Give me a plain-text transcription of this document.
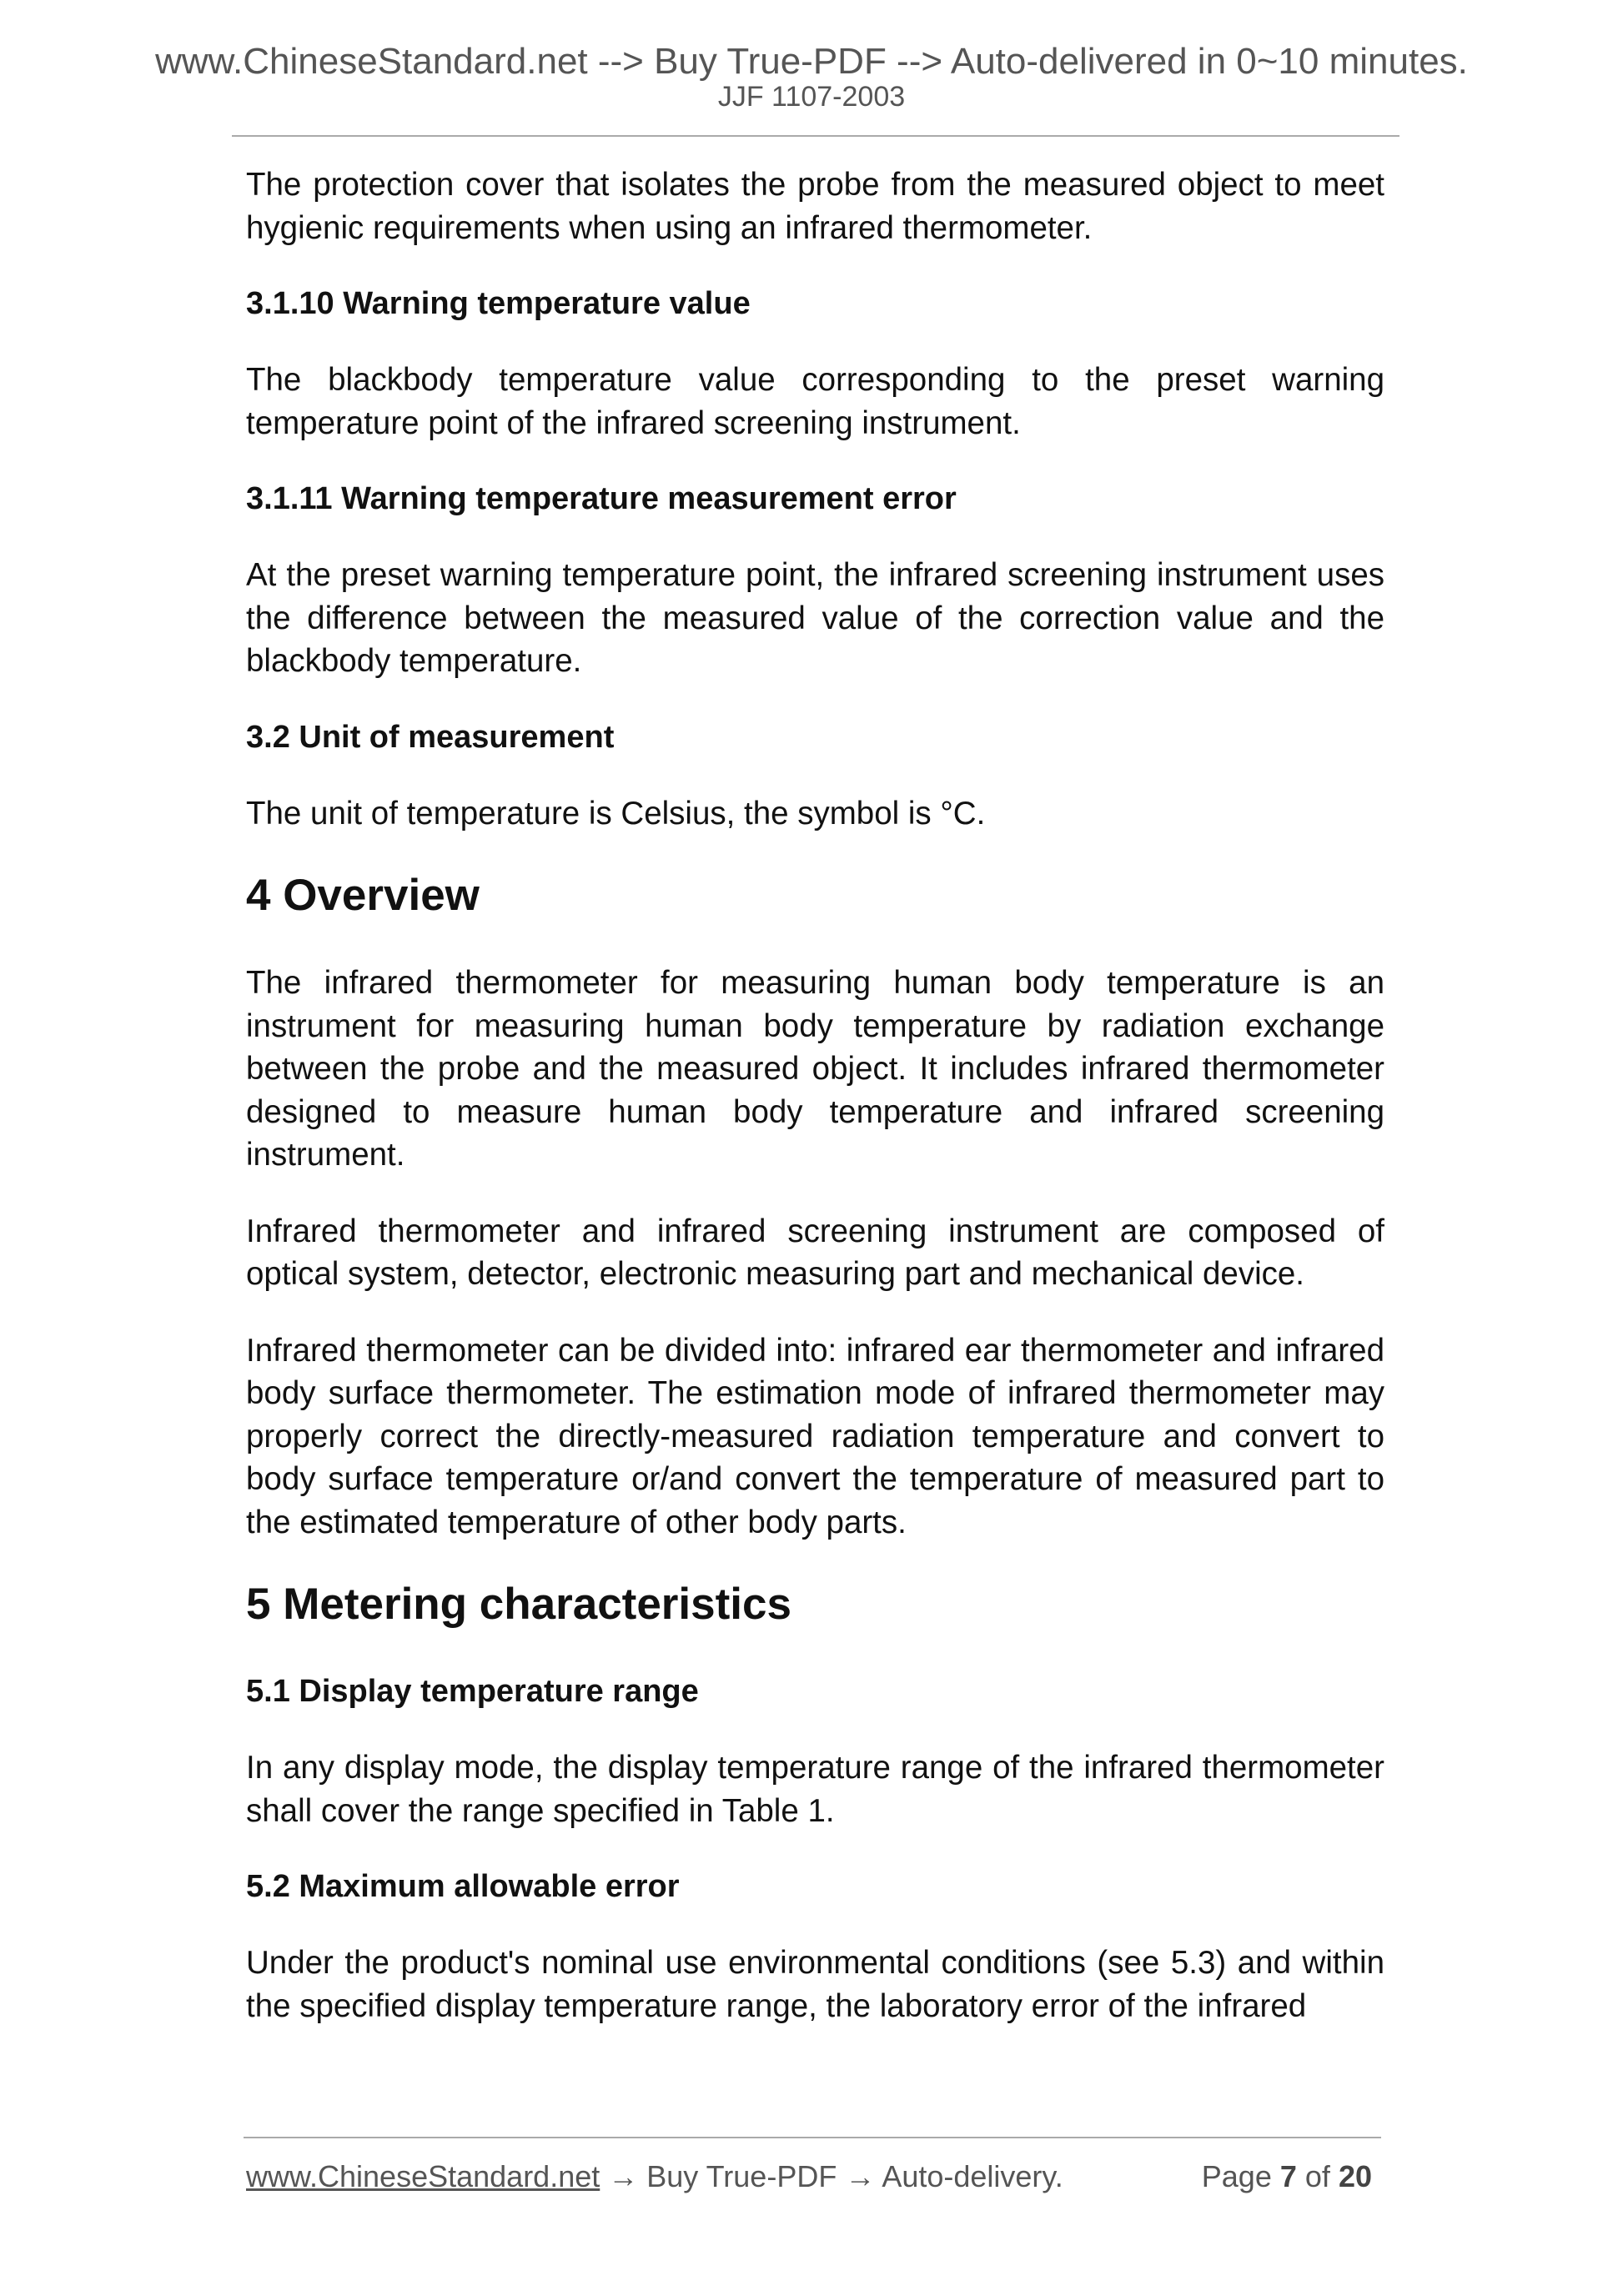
www.ChineseStandard.net --> Buy True-PDF --> Auto-delivered in 0~10 minutes.
JJF 1107-2003

The protection cover that isolates the probe from the measured object to meet hygienic requirements when using an infrared thermometer.

3.1.10 Warning temperature value

The blackbody temperature value corresponding to the preset warning temperature point of the infrared screening instrument.

3.1.11 Warning temperature measurement error

At the preset warning temperature point, the infrared screening instrument uses the difference between the measured value of the correction value and the blackbody temperature.

3.2 Unit of measurement

The unit of temperature is Celsius, the symbol is °C.

4 Overview

The infrared thermometer for measuring human body temperature is an instrument for measuring human body temperature by radiation exchange between the probe and the measured object. It includes infrared thermometer designed to measure human body temperature and infrared screening instrument.

Infrared thermometer and infrared screening instrument are composed of optical system, detector, electronic measuring part and mechanical device.

Infrared thermometer can be divided into: infrared ear thermometer and infrared body surface thermometer. The estimation mode of infrared thermometer may properly correct the directly-measured radiation temperature and convert to body surface temperature or/and convert the temperature of measured part to the estimated temperature of other body parts.

5 Metering characteristics
5.1 Display temperature range

In any display mode, the display temperature range of the infrared thermometer shall cover the range specified in Table 1.

5.2 Maximum allowable error

Under the product's nominal use environmental conditions (see 5.3) and within the specified display temperature range, the laboratory error of the infrared

www.ChineseStandard.net → Buy True-PDF → Auto-delivery.	Page 7 of 20
